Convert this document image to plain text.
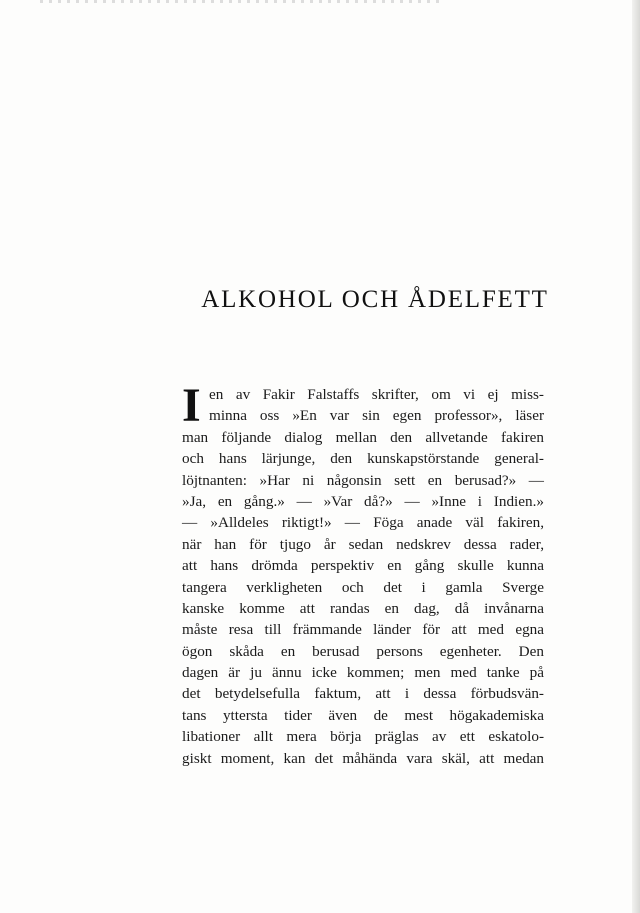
ALKOHOL OCH ÅDELFETT
I en av Fakir Falstaffs skrifter, om vi ej miss-
minna oss »En var sin egen professor», läser
man följande dialog mellan den allvetande fakiren
och hans lärjunge, den kunskapstörstande general-
löjtnanten: »Har ni någonsin sett en berusad?» —
»Ja, en gång.» — »Var då?» — »Inne i Indien.»
— »Alldeles riktigt!» — Föga anade väl fakiren,
när han för tjugo år sedan nedskrev dessa rader,
att hans drömda perspektiv en gång skulle kunna
tangera verkligheten och det i gamla Sverge
kanske komme att randas en dag, då invånarna
måste resa till främmande länder för att med egna
ögon skåda en berusad persons egenheter. Den
dagen är ju ännu icke kommen; men med tanke på
det betydelsefulla faktum, att i dessa förbudsvän-
tans yttersta tider även de mest högakademiska
libationer allt mera börja präglas av ett eskatolo-
giskt moment, kan det måhända vara skäl, att medan
